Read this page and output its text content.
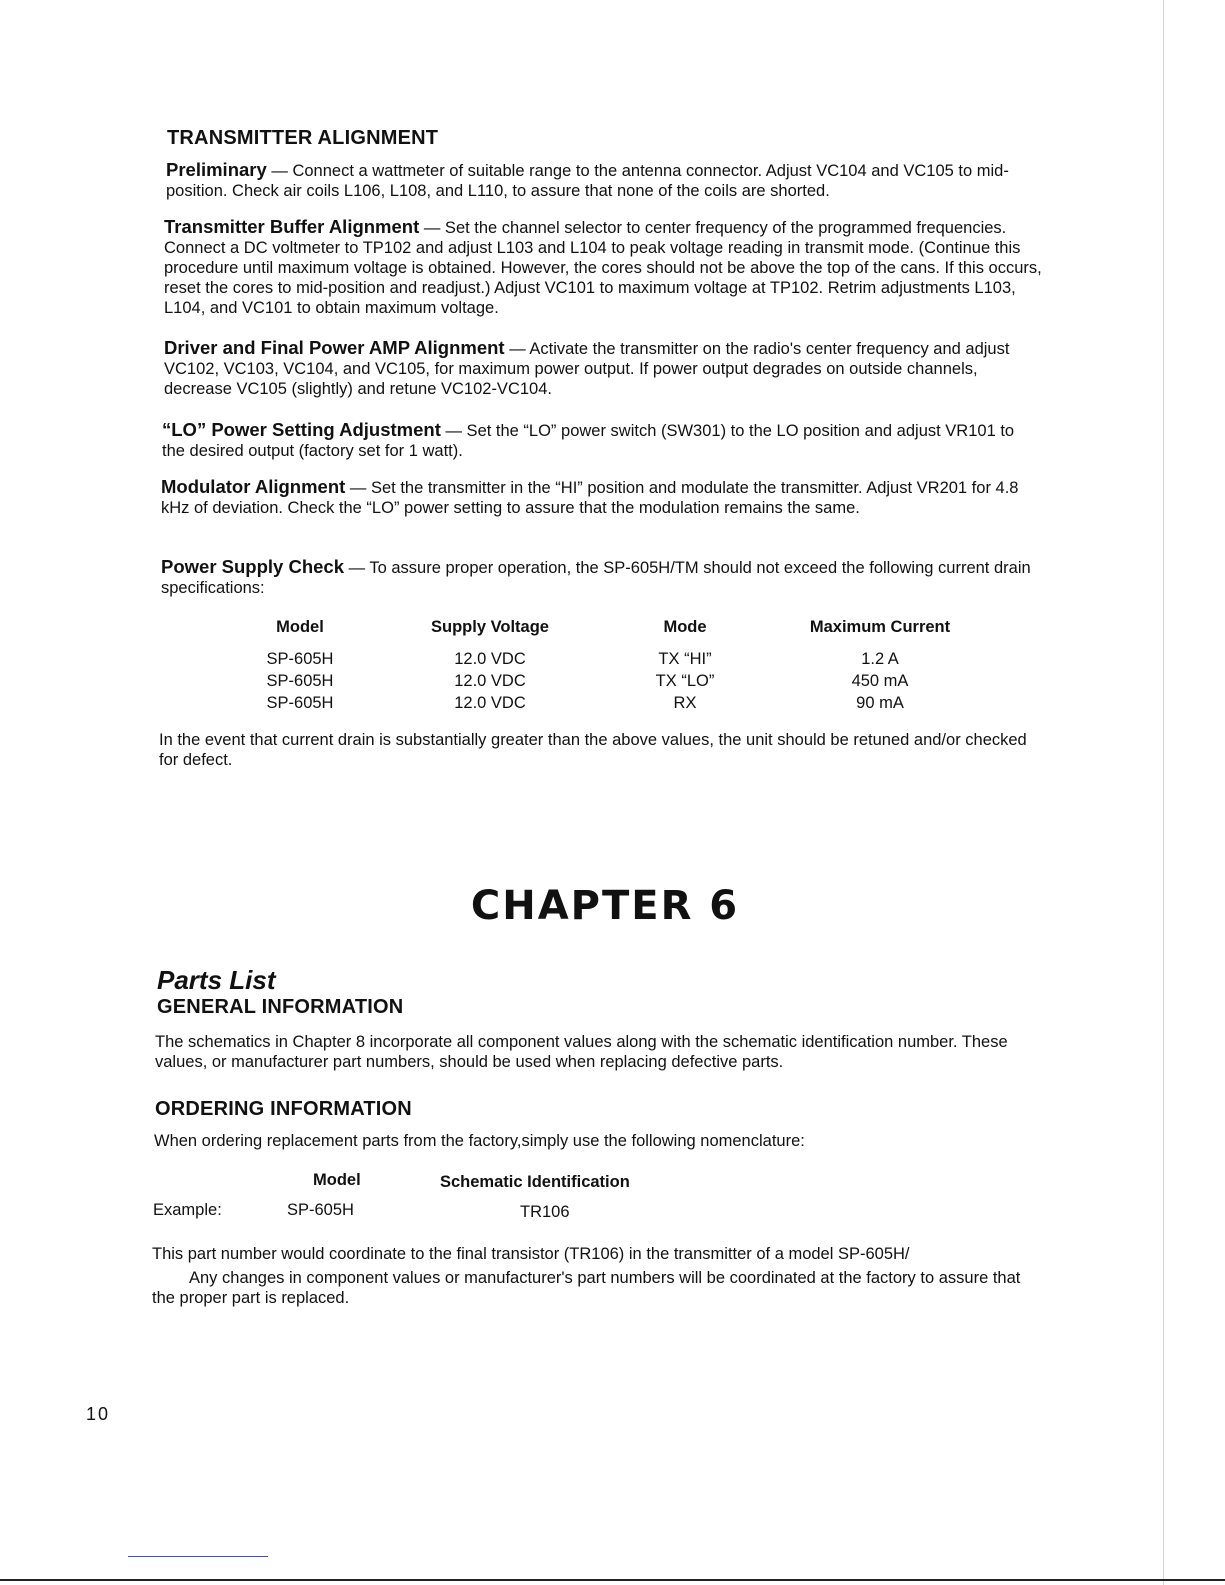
TRANSMITTER ALIGNMENT

Preliminary — Connect a wattmeter of suitable range to the antenna connector. Adjust VC104 and VC105 to mid-position. Check air coils L106, L108, and L110, to assure that none of the coils are shorted.

Transmitter Buffer Alignment — Set the channel selector to center frequency of the programmed frequencies. Connect a DC voltmeter to TP102 and adjust L103 and L104 to peak voltage reading in transmit mode. (Continue this procedure until maximum voltage is obtained. However, the cores should not be above the top of the cans. If this occurs, reset the cores to mid-position and readjust.) Adjust VC101 to maximum voltage at TP102. Retrim adjustments L103, L104, and VC101 to obtain maximum voltage.

Driver and Final Power AMP Alignment — Activate the transmitter on the radio's center frequency and adjust VC102, VC103, VC104, and VC105, for maximum power output. If power output degrades on outside channels, decrease VC105 (slightly) and retune VC102-VC104.

“LO” Power Setting Adjustment — Set the “LO” power switch (SW301) to the LO position and adjust VR101 to the desired output (factory set for 1 watt).

Modulator Alignment — Set the transmitter in the “HI” position and modulate the transmitter. Adjust VR201 for 4.8 kHz of deviation. Check the “LO” power setting to assure that the modulation remains the same.

Power Supply Check — To assure proper operation, the SP-605H/TM should not exceed the following current drain specifications:

Model	Supply Voltage	Mode	Maximum Current
SP-605H	12.0 VDC	TX “HI”	1.2 A
SP-605H	12.0 VDC	TX “LO”	450 mA
SP-605H	12.0 VDC	RX	90 mA
In the event that current drain is substantially greater than the above values, the unit should be retuned and/or checked for defect.
CHAPTER 6
Parts List
GENERAL INFORMATION
The schematics in Chapter 8 incorporate all component values along with the schematic identification number. These values, or manufacturer part numbers, should be used when replacing defective parts.
ORDERING INFORMATION
When ordering replacement parts from the factory,simply use the following nomenclature:
Model	Schematic Identification
Example:	SP-605H	TR106
This part number would coordinate to the final transistor (TR106) in the transmitter of a model SP-605H/
Any changes in component values or manufacturer's part numbers will be coordinated at the factory to assure that the proper part is replaced.
10
